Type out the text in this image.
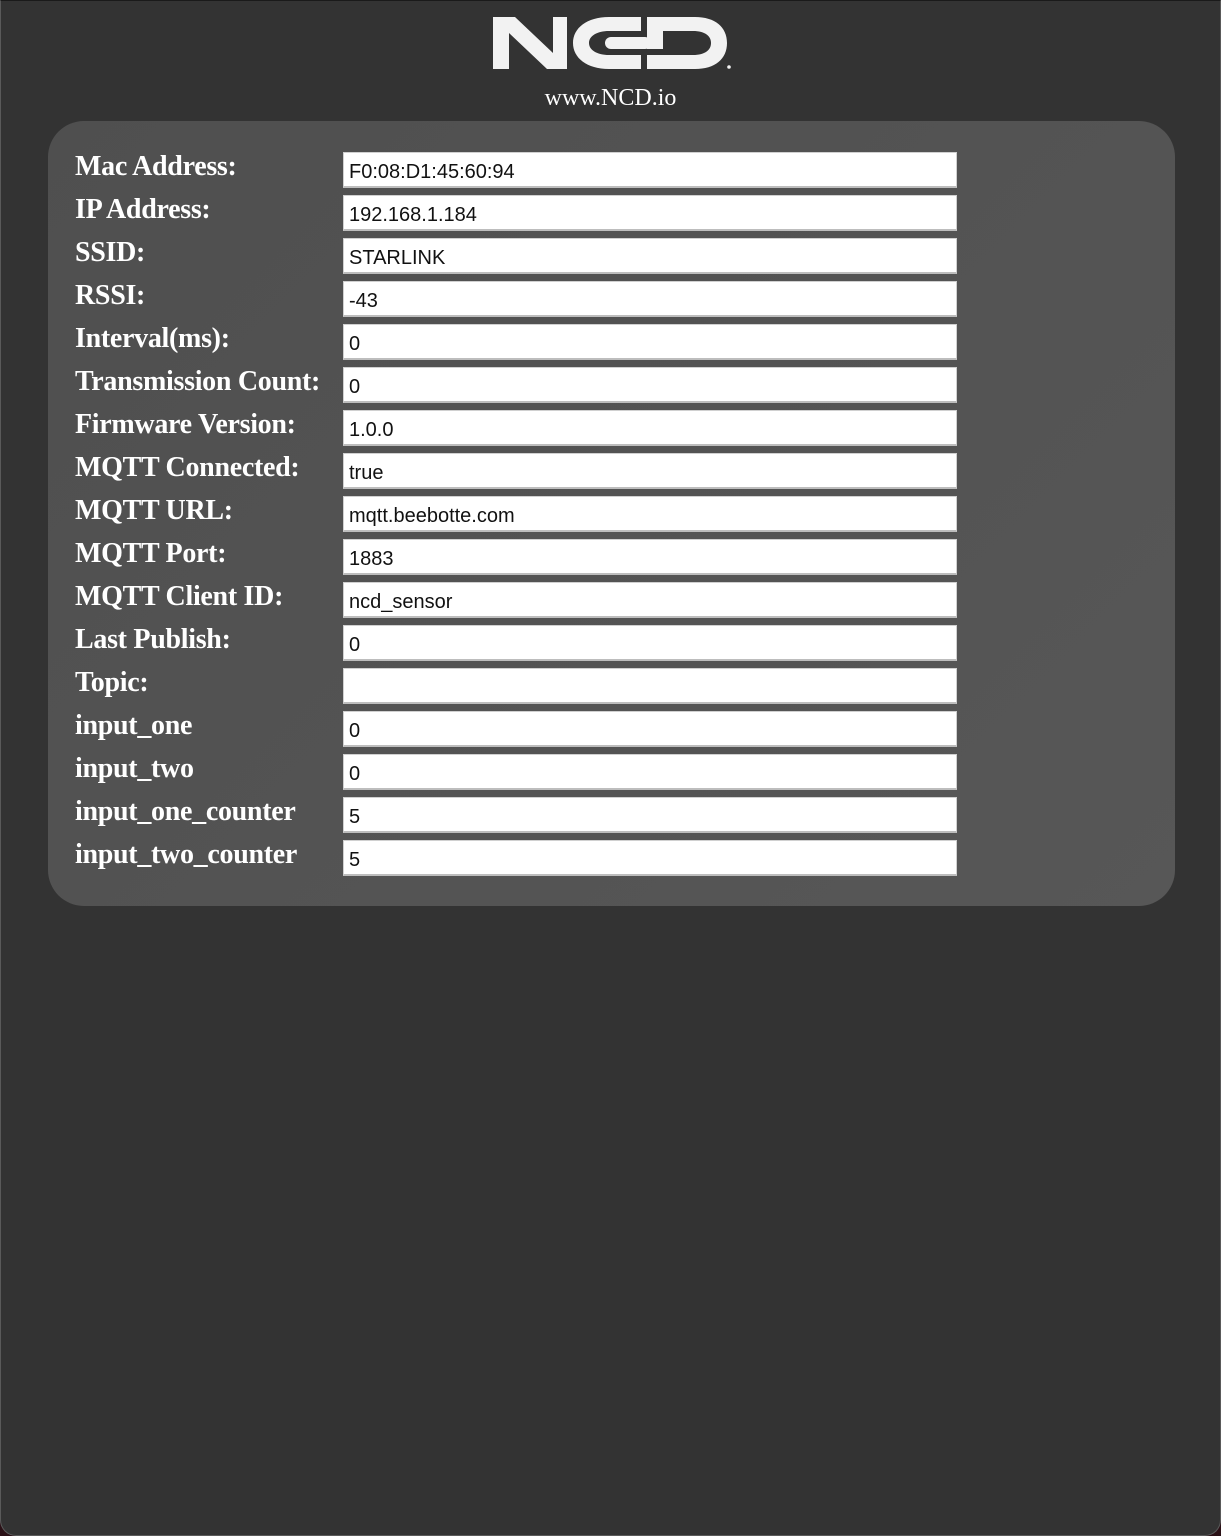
www.NCD.io
Mac Address:
F0:08:D1:45:60:94
IP Address:
192.168.1.184
SSID:
STARLINK
RSSI:
-43
Interval(ms):
0
Transmission Count:
0
Firmware Version:
1.0.0
MQTT Connected:
true
MQTT URL:
mqtt.beebotte.com
MQTT Port:
1883
MQTT Client ID:
ncd_sensor
Last Publish:
0
Topic:
input_one
0
input_two
0
input_one_counter
5
input_two_counter
5
